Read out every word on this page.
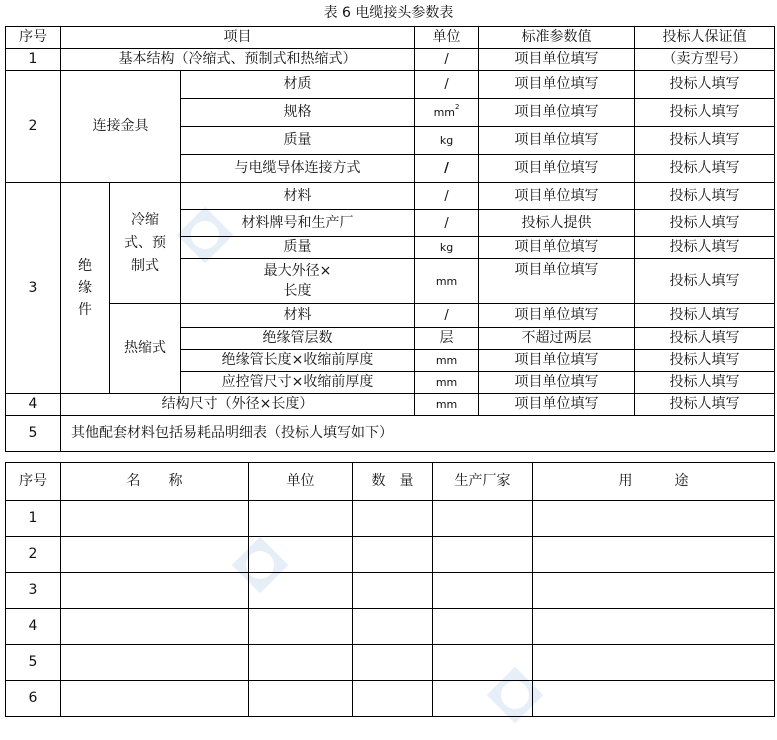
表 6 电缆接头参数表
序号	项目			单位	标准参数值	投标人保证值
1	基本结构（冷缩式、预制式和热缩式）			/	项目单位填写	（卖方型号）
2	连接金具		材质	/	项目单位填写	投标人填写
			规格	$mm^2$	项目单位填写	投标人填写
			质量	kg	项目单位填写	投标人填写
			与电缆导体连接方式	/	项目单位填写	投标人填写
3	绝缘件	冷缩式、预制式	材料	/	项目单位填写	投标人填写
			材料牌号和生产厂	/	投标人提供	投标人填写
			质量	kg	项目单位填写	投标人填写

			最大外径×长度	mm	项目单位填写	投标人填写
		热缩式	材料	/	项目单位填写	投标人填写
			绝缘管层数	层	不超过两层	投标人填写
			绝缘管长度×收缩前厚度	mm	项目单位填写	投标人填写
			应控管尺寸×收缩前厚度	mm	项目单位填写	投标人填写
4	结构尺寸（外径×长度）			mm	项目单位填写	投标人填写
5	其他配套材料包括易耗品明细表（投标人填写如下）					
序号	名　　称	单位	数　量	生产厂家	用　　　途
1					
2					
3					
4					
5					
6					
